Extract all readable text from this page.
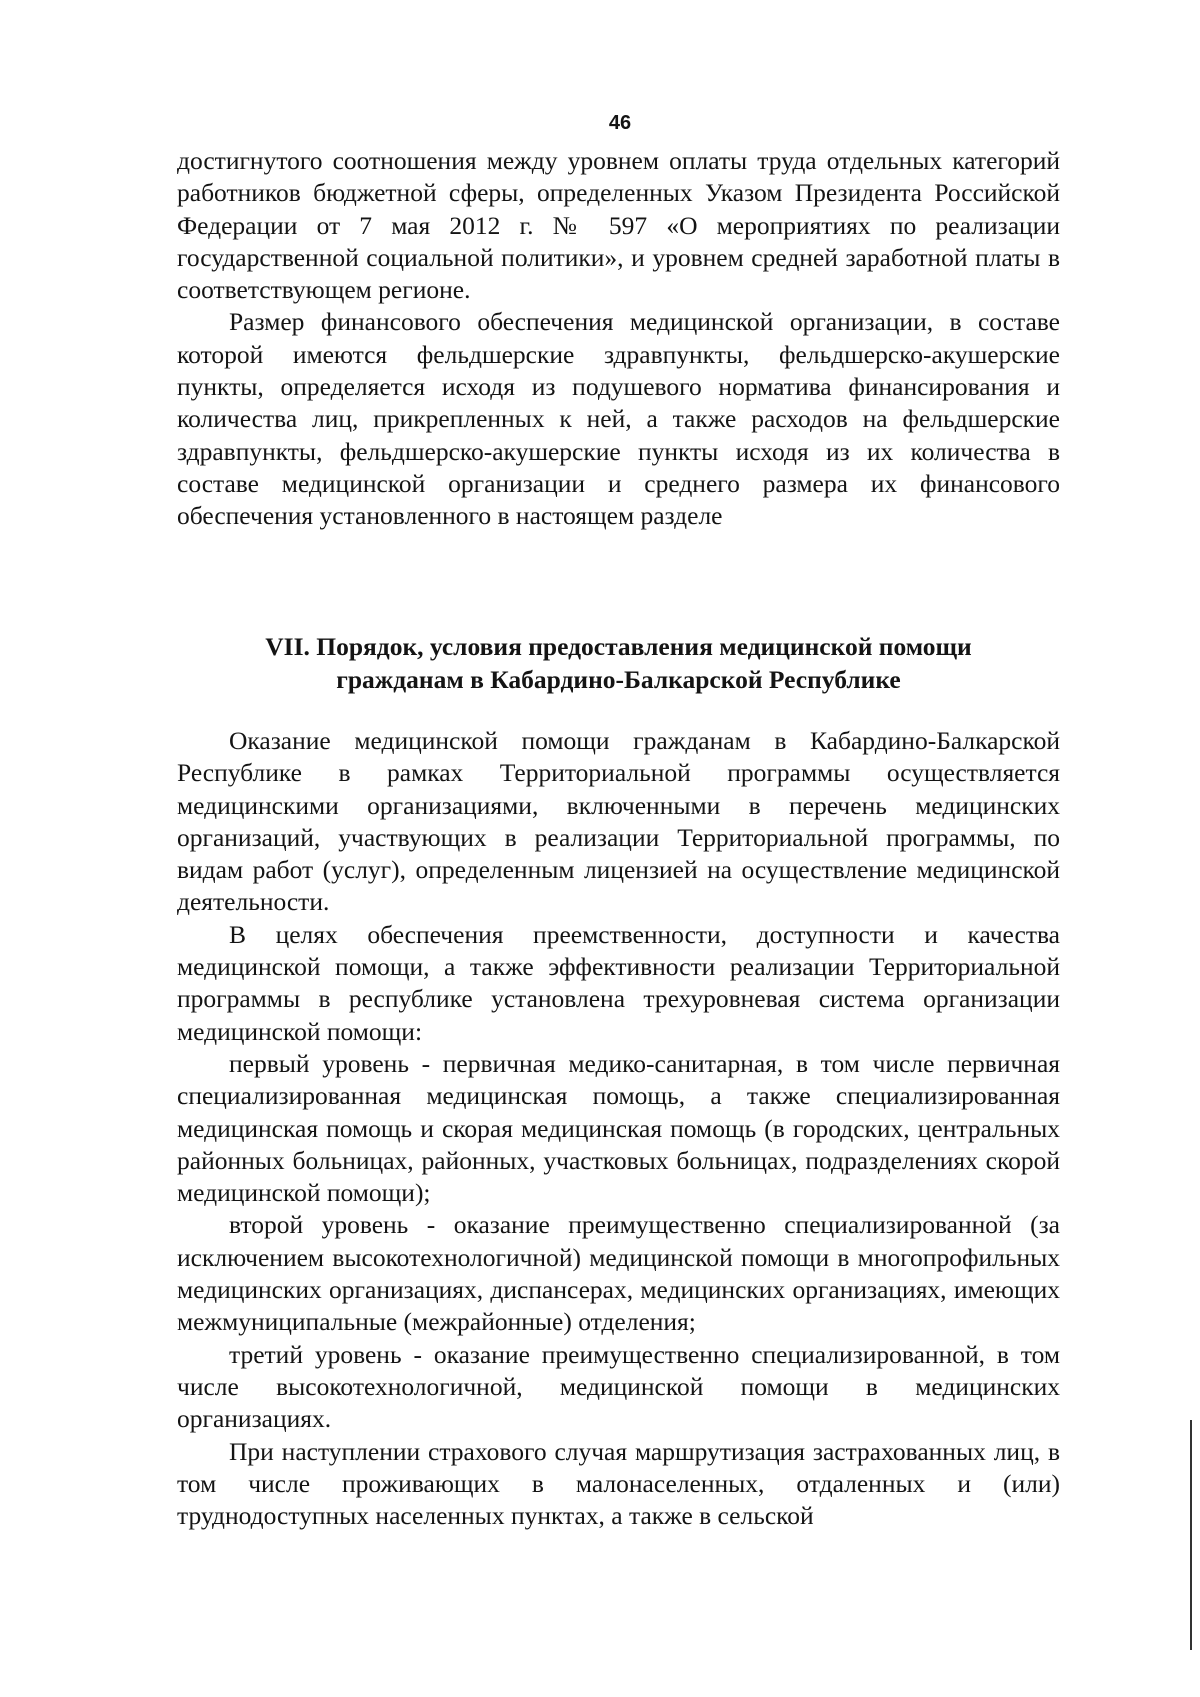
46

достигнутого соотношения между уровнем оплаты труда отдельных категорий работников бюджетной сферы, определенных Указом Президента Российской Федерации от 7 мая 2012 г. № 597 «О мероприятиях по реализации государственной социальной политики», и уровнем средней заработной платы в соответствующем регионе.

Размер финансового обеспечения медицинской организации, в составе которой имеются фельдшерские здравпункты, фельдшерско-акушерские пункты, определяется исходя из подушевого норматива финансирования и количества лиц, прикрепленных к ней, а также расходов на фельдшерские здравпункты, фельдшерско-акушерские пункты исходя из их количества в составе медицинской организации и среднего размера их финансового обеспечения установленного в настоящем разделе

VII. Порядок, условия предоставления медицинской помощи
гражданам в Кабардино-Балкарской Республике

Оказание медицинской помощи гражданам в Кабардино-Балкарской Республике в рамках Территориальной программы осуществляется медицинскими организациями, включенными в перечень медицинских организаций, участвующих в реализации Территориальной программы, по видам работ (услуг), определенным лицензией на осуществление медицинской деятельности.

В целях обеспечения преемственности, доступности и качества медицинской помощи, а также эффективности реализации Территориальной программы в республике установлена трехуровневая система организации медицинской помощи:

первый уровень - первичная медико-санитарная, в том числе первичная специализированная медицинская помощь, а также специализированная медицинская помощь и скорая медицинская помощь (в городских, центральных районных больницах, районных, участковых больницах, подразделениях скорой медицинской помощи);

второй уровень - оказание преимущественно специализированной (за исключением высокотехнологичной) медицинской помощи в многопрофильных медицинских организациях, диспансерах, медицинских организациях, имеющих межмуниципальные (межрайонные) отделения;

третий уровень - оказание преимущественно специализированной, в том числе высокотехнологичной, медицинской помощи в медицинских организациях.

При наступлении страхового случая маршрутизация застрахованных лиц, в том числе проживающих в малонаселенных, отдаленных и (или) труднодоступных населенных пунктах, а также в сельской
